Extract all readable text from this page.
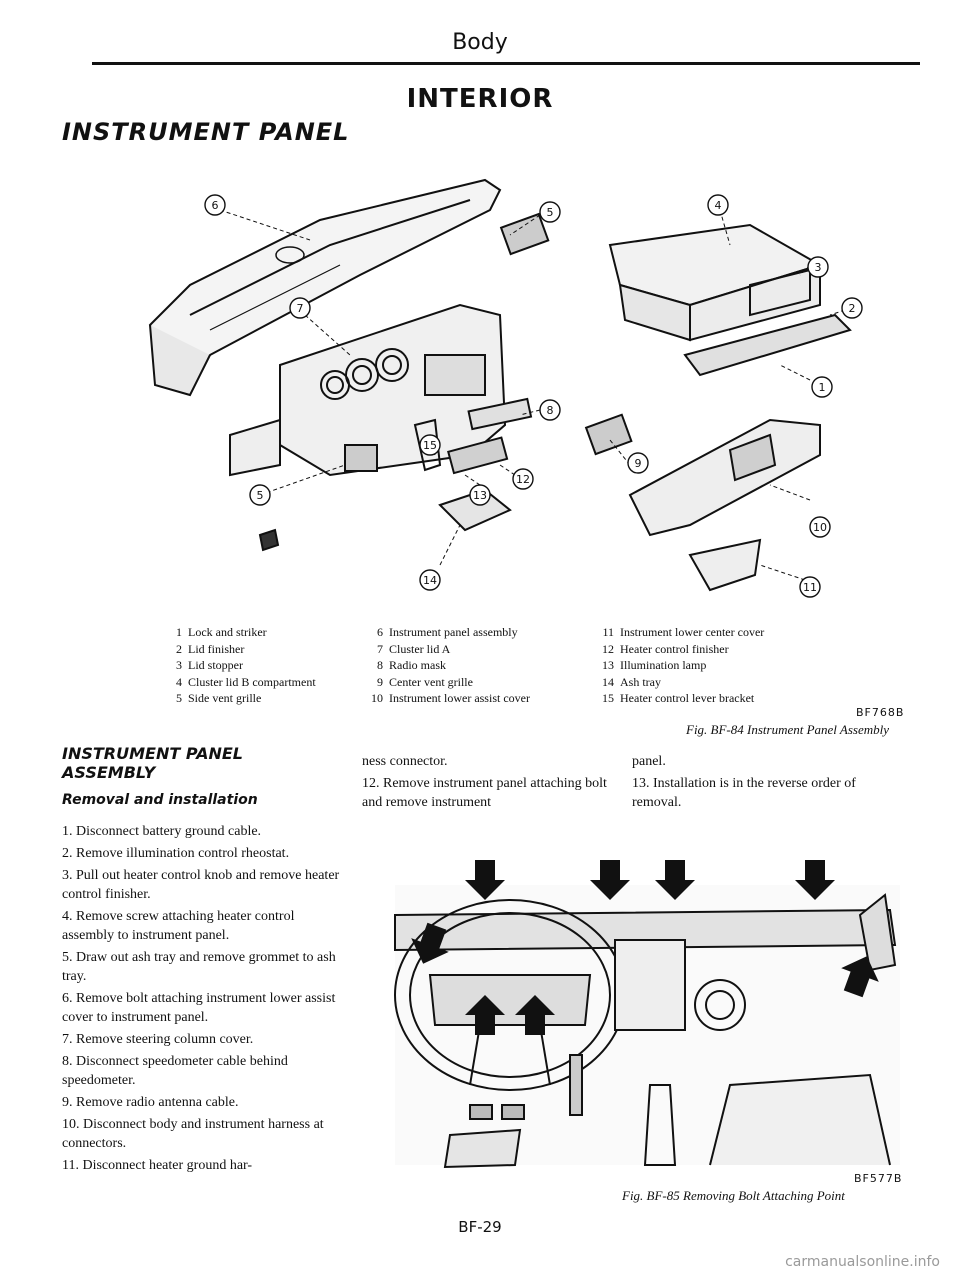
Body
INTERIOR
INSTRUMENT PANEL
6
5
7
8
9
12
13
15
14
5
4
3
2
1
10
11
1 Lock and striker
2 Lid finisher
3 Lid stopper
4 Cluster lid B compartment
5 Side vent grille
6 Instrument panel assembly
7 Cluster lid A
8 Radio mask
9 Center vent grille
10 Instrument lower assist cover
11 Instrument lower center cover
12 Heater control finisher
13 Illumination lamp
14 Ash tray
15 Heater control lever bracket
BF768B
Fig. BF-84 Instrument Panel Assembly
INSTRUMENT PANEL ASSEMBLY
Removal and installation

1. Disconnect battery ground cable.

2. Remove illumination control rheostat.

3. Pull out heater control knob and remove heater control finisher.

4. Remove screw attaching heater control assembly to instrument panel.

5. Draw out ash tray and remove grommet to ash tray.

6. Remove bolt attaching instrument lower assist cover to instrument panel.

7. Remove steering column cover.

8. Disconnect speedometer cable behind speedometer.

9. Remove radio antenna cable.

10. Disconnect body and instrument harness at connectors.

11. Disconnect heater ground har-

ness connector.

12. Remove instrument panel attaching bolt and remove instrument

panel.

13. Installation is in the reverse order of removal.

BF577B
Fig. BF-85 Removing Bolt Attaching Point
BF-29
carmanualsonline.info
